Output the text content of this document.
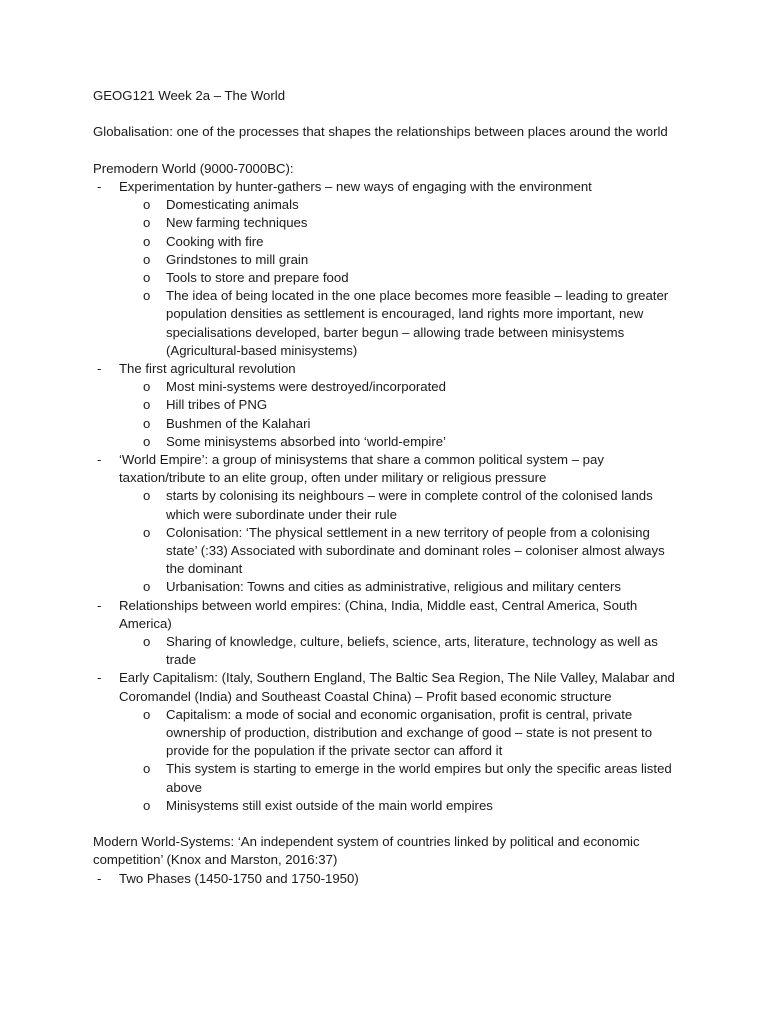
GEOG121 Week 2a – The World

Globalisation: one of the processes that shapes the relationships between places around the world

Premodern World (9000-7000BC):

- Experimentation by hunter-gathers – new ways of engaging with the environment
o Domesticating animals
o New farming techniques
o Cooking with fire
o Grindstones to mill grain
o Tools to store and prepare food
o The idea of being located in the one place becomes more feasible – leading to greater population densities as settlement is encouraged, land rights more important, new specialisations developed, barter begun – allowing trade between minisystems (Agricultural-based minisystems)
- The first agricultural revolution
o Most mini-systems were destroyed/incorporated
o Hill tribes of PNG
o Bushmen of the Kalahari
o Some minisystems absorbed into ‘world-empire’
- ‘World Empire’: a group of minisystems that share a common political system – pay taxation/tribute to an elite group, often under military or religious pressure
o starts by colonising its neighbours – were in complete control of the colonised lands which were subordinate under their rule
o Colonisation: ‘The physical settlement in a new territory of people from a colonising state’ (:33) Associated with subordinate and dominant roles – coloniser almost always the dominant
o Urbanisation: Towns and cities as administrative, religious and military centers
- Relationships between world empires: (China, India, Middle east, Central America, South America)
o Sharing of knowledge, culture, beliefs, science, arts, literature, technology as well as trade
- Early Capitalism: (Italy, Southern England, The Baltic Sea Region, The Nile Valley, Malabar and Coromandel (India) and Southeast Coastal China) – Profit based economic structure
o Capitalism: a mode of social and economic organisation, profit is central, private ownership of production, distribution and exchange of good – state is not present to provide for the population if the private sector can afford it
o This system is starting to emerge in the world empires but only the specific areas listed above
o Minisystems still exist outside of the main world empires

Modern World-Systems: ‘An independent system of countries linked by political and economic competition’ (Knox and Marston, 2016:37)

- Two Phases (1450-1750 and 1750-1950)
